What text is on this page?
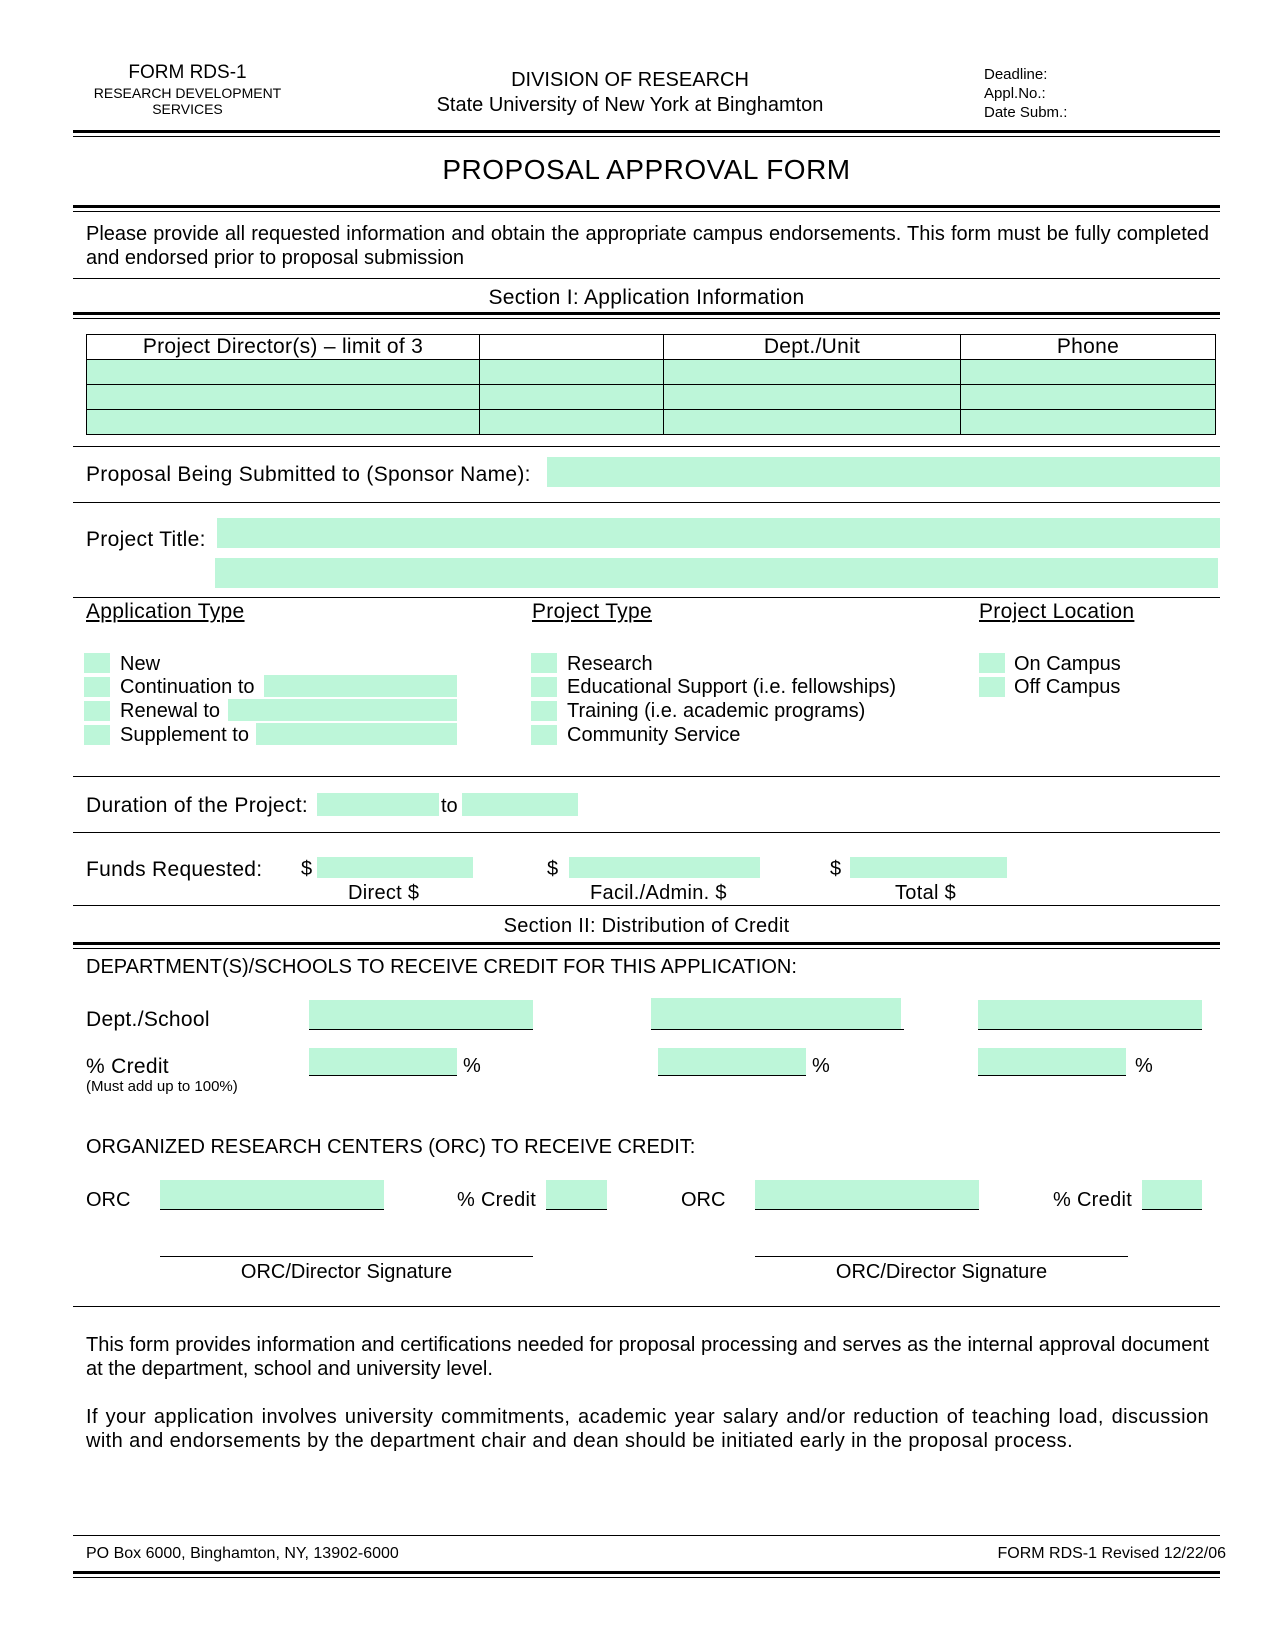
FORM RDS-1
RESEARCH DEVELOPMENT
SERVICES
DIVISION OF RESEARCH
State University of New York at Binghamton
Deadline:
Appl.No.:
Date Subm.:
PROPOSAL APPROVAL FORM
Please provide all requested information and obtain the appropriate campus endorsements. This form must be fully completed and endorsed prior to proposal submission
Section I: Application Information
Project Director(s) – limit of 3		Dept./Unit	Phone

Proposal Being Submitted to (Sponsor Name):
Project Title:
Application Type
New
Continuation to
Renewal to
Supplement to
Project Type
Research
Educational Support (i.e. fellowships)
Training (i.e. academic programs)
Community Service
Project Location
On Campus
Off Campus
Duration of the Project:	to
Funds Requested: $	$	$
Direct $	Facil./Admin. $	Total $
Section II: Distribution of Credit
DEPARTMENT(S)/SCHOOLS TO RECEIVE CREDIT FOR THIS APPLICATION:
Dept./School
% Credit
(Must add up to 100%)
%	%	%
ORGANIZED RESEARCH CENTERS (ORC) TO RECEIVE CREDIT:
ORC	% Credit	ORC	% Credit
ORC/Director Signature	ORC/Director Signature
This form provides information and certifications needed for proposal processing and serves as the internal approval document at the department, school and university level.
If your application involves university commitments, academic year salary and/or reduction of teaching load, discussion with and endorsements by the department chair and dean should be initiated early in the proposal process.
PO Box 6000, Binghamton, NY, 13902-6000	FORM RDS-1 Revised 12/22/06
